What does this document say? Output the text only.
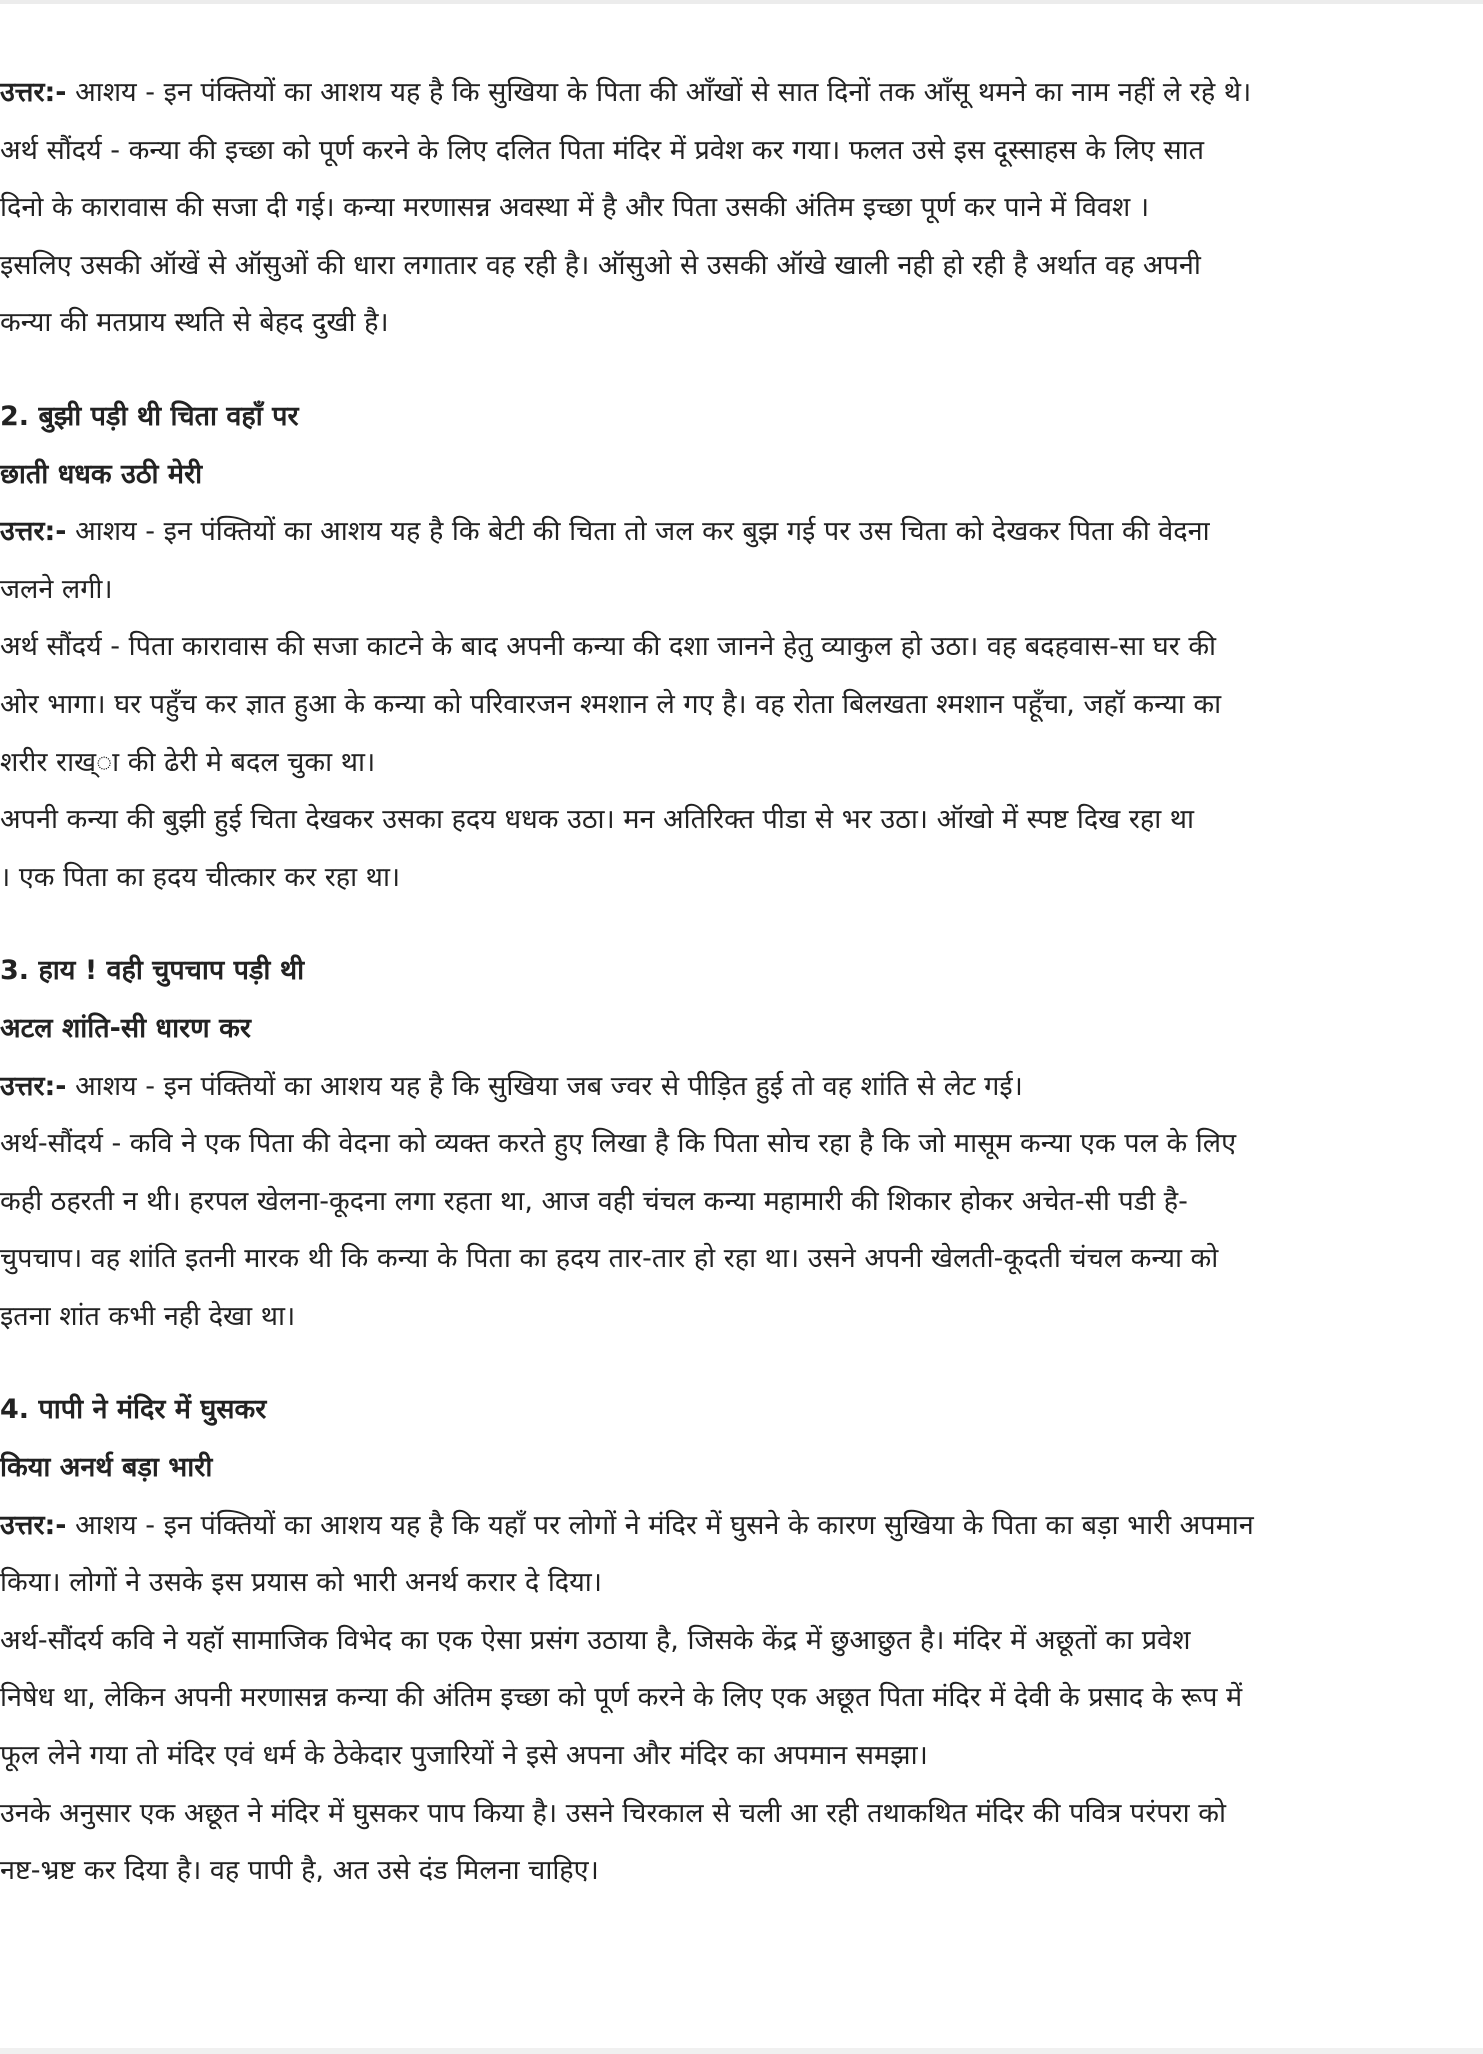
उत्तर:- आशय - इन पंक्तियों का आशय यह है कि सुखिया के पिता की आँखों से सात दिनों तक आँसू थमने का नाम नहीं ले रहे थे।
अर्थ सौंदर्य - कन्या की इच्छा को पूर्ण करने के लिए दलित पिता मंदिर में प्रवेश कर गया। फलत उसे इस दूस्साहस के लिए सात
दिनो के कारावास की सजा दी गई। कन्या मरणासन्न अवस्था में है और पिता उसकी अंतिम इच्छा पूर्ण कर पाने में विवश ।
इसलिए उसकी ऑखें से ऑसुओं की धारा लगातार वह रही है। ऑसुओ से उसकी ऑखे खाली नही हो रही है अर्थात वह अपनी
कन्या की मतप्राय स्थति से बेहद दुखी है।
2. बुझी पड़ी थी चिता वहाँ पर
छाती धधक उठी मेरी
उत्तर:- आशय - इन पंक्तियों का आशय यह है कि बेटी की चिता तो जल कर बुझ गई पर उस चिता को देखकर पिता की वेदना
जलने लगी।
अर्थ सौंदर्य - पिता कारावास की सजा काटने के बाद अपनी कन्या की दशा जानने हेतु व्याकुल हो उठा। वह बदहवास-सा घर की
ओर भागा। घर पहुँच कर ज्ञात हुआ के कन्या को परिवारजन श्मशान ले गए है। वह रोता बिलखता श्मशान पहूँचा, जहॉ कन्या का
शरीर राख्ा की ढेरी मे बदल चुका था।
अपनी कन्या की बुझी हुई चिता देखकर उसका हदय धधक उठा। मन अतिरिक्त पीडा से भर उठा। ऑखो में स्पष्ट दिख रहा था
। एक पिता का हदय चीत्कार कर रहा था।
3. हाय ! वही चुपचाप पड़ी थी
अटल शांति-सी धारण कर
उत्तर:- आशय - इन पंक्तियों का आशय यह है कि सुखिया जब ज्वर से पीड़ित हुई तो वह शांति से लेट गई।
अर्थ-सौंदर्य - कवि ने एक पिता की वेदना को व्यक्त करते हुए लिखा है कि पिता सोच रहा है कि जो मासूम कन्या एक पल के लिए
कही ठहरती न थी। हरपल खेलना-कूदना लगा रहता था, आज वही चंचल कन्या महामारी की शिकार होकर अचेत-सी पडी है-
चुपचाप। वह शांति इतनी मारक थी कि कन्या के पिता का हदय तार-तार हो रहा था। उसने अपनी खेलती-कूदती चंचल कन्या को
इतना शांत कभी नही देखा था।
4. पापी ने मंदिर में घुसकर
किया अनर्थ बड़ा भारी
उत्तर:- आशय - इन पंक्तियों का आशय यह है कि यहाँ पर लोगों ने मंदिर में घुसने के कारण सुखिया के पिता का बड़ा भारी अपमान
किया। लोगों ने उसके इस प्रयास को भारी अनर्थ करार दे दिया।
अर्थ-सौंदर्य कवि ने यहॉ सामाजिक विभेद का एक ऐसा प्रसंग उठाया है, जिसके केंद्र में छुआछुत है। मंदिर में अछूतों का प्रवेश
निषेध था, लेकिन अपनी मरणासन्न कन्या की अंतिम इच्छा को पूर्ण करने के लिए एक अछूत पिता मंदिर में देवी के प्रसाद के रूप में
फूल लेने गया तो मंदिर एवं धर्म के ठेकेदार पुजारियों ने इसे अपना और मंदिर का अपमान समझा।
उनके अनुसार एक अछूत ने मंदिर में घुसकर पाप किया है। उसने चिरकाल से चली आ रही तथाकथित मंदिर की पवित्र परंपरा को
नष्ट-भ्रष्ट कर दिया है। वह पापी है, अत उसे दंड मिलना चाहिए।
